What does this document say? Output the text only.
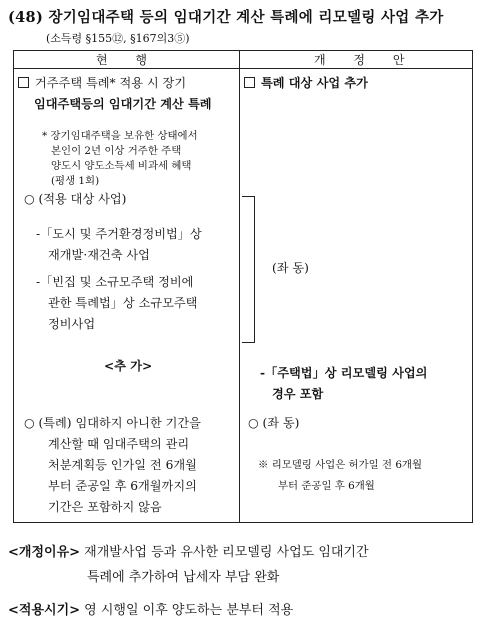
(48) 장기임대주택 등의 임대기간 계산 특례에 리모델링 사업 추가
(소득령 §155⑫, §167의3⑤)
현 행	개 정 안
거주주택 특례* 적용 시 장기
임대주택등의 임대기간 계산 특례
* 장기임대주택을 보유한 상태에서
본인이 2년 이상 거주한 주택
양도시 양도소득세 비과세 혜택
(평생 1회)
○ (적용 대상 사업)
-「도시 및 주거환경정비법」상
재개발·재건축 사업
-「빈집 및 소규모주택 정비에
관한 특례법」상 소규모주택
정비사업
<추 가>
○ (특례) 임대하지 아니한 기간을
계산할 때 임대주택의 관리
처분계획등 인가일 전 6개월
부터 준공일 후 6개월까지의
기간은 포함하지 않음
특례 대상 사업 추가
(좌 동)
-「주택법」상 리모델링 사업의
경우 포함
○ (좌 동)
※ 리모델링 사업은 허가일 전 6개월
부터 준공일 후 6개월
<개정이유> 재개발사업 등과 유사한 리모델링 사업도 임대기간
특례에 추가하여 납세자 부담 완화
<적용시기> 영 시행일 이후 양도하는 분부터 적용
